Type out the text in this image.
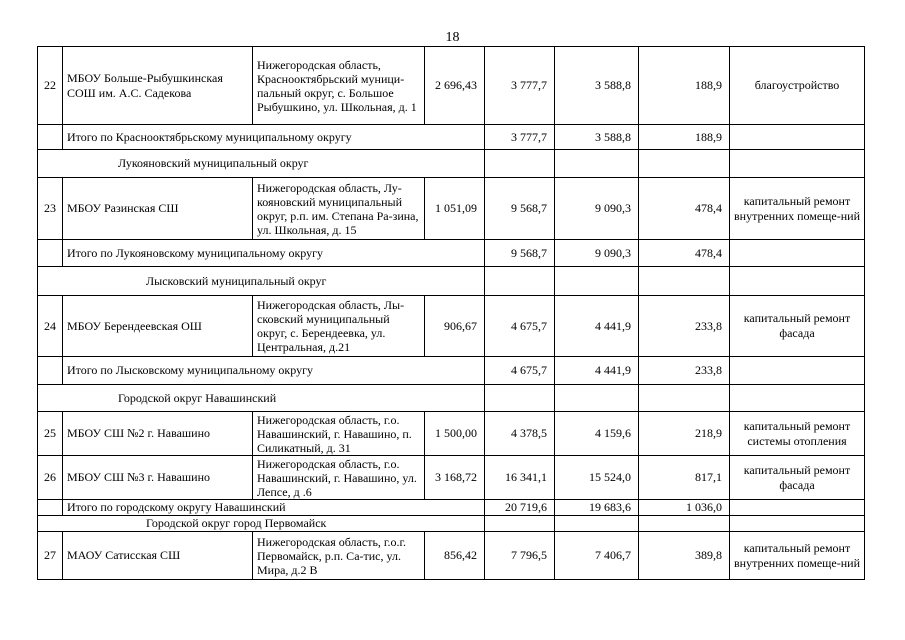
18
22	МБОУ Больше-Рыбушкинская СОШ им. А.С. Садекова	Нижегородская область, Краснооктябрьский муници-пальный округ, с. Большое Рыбушкино, ул. Школьная, д. 1	2 696,43	3 777,7	3 588,8	188,9	благоустройство
	Итого по Краснооктябрьскому муниципальному округу			3 777,7	3 588,8	188,9	
Лукояновский муниципальный округ							
23	МБОУ Разинская СШ	Нижегородская область, Лу-кояновский муниципальный округ, р.п. им. Степана Ра-зина, ул. Школьная, д. 15	1 051,09	9 568,7	9 090,3	478,4	капитальный ремонт внутренних помеще-ний
	Итого по Лукояновскому муниципальному округу			9 568,7	9 090,3	478,4	
Лысковский муниципальный округ							
24	МБОУ Берендеевская ОШ	Нижегородская область, Лы-сковский муниципальный округ, с. Берендеевка, ул. Центральная, д.21	906,67	4 675,7	4 441,9	233,8	капитальный ремонт фасада
	Итого по Лысковскому муниципальному округу			4 675,7	4 441,9	233,8	
Городской округ Навашинский							
25	МБОУ СШ №2 г. Навашино	Нижегородская область, г.о. Навашинский, г. Навашино, п. Силикатный, д. 31	1 500,00	4 378,5	4 159,6	218,9	капитальный ремонт системы отопления
26	МБОУ СШ №3 г. Навашино	Нижегородская область, г.о. Навашинский, г. Навашино, ул. Лепсе, д .6	3 168,72	16 341,1	15 524,0	817,1	капитальный ремонт фасада
	Итого по городскому округу Навашинский			20 719,6	19 683,6	1 036,0	
Городской округ город Первомайск							
27	МАОУ Сатисская СШ	Нижегородская область, г.о.г. Первомайск, р.п. Са-тис, ул. Мира, д.2 В	856,42	7 796,5	7 406,7	389,8	капитальный ремонт внутренних помеще-ний
